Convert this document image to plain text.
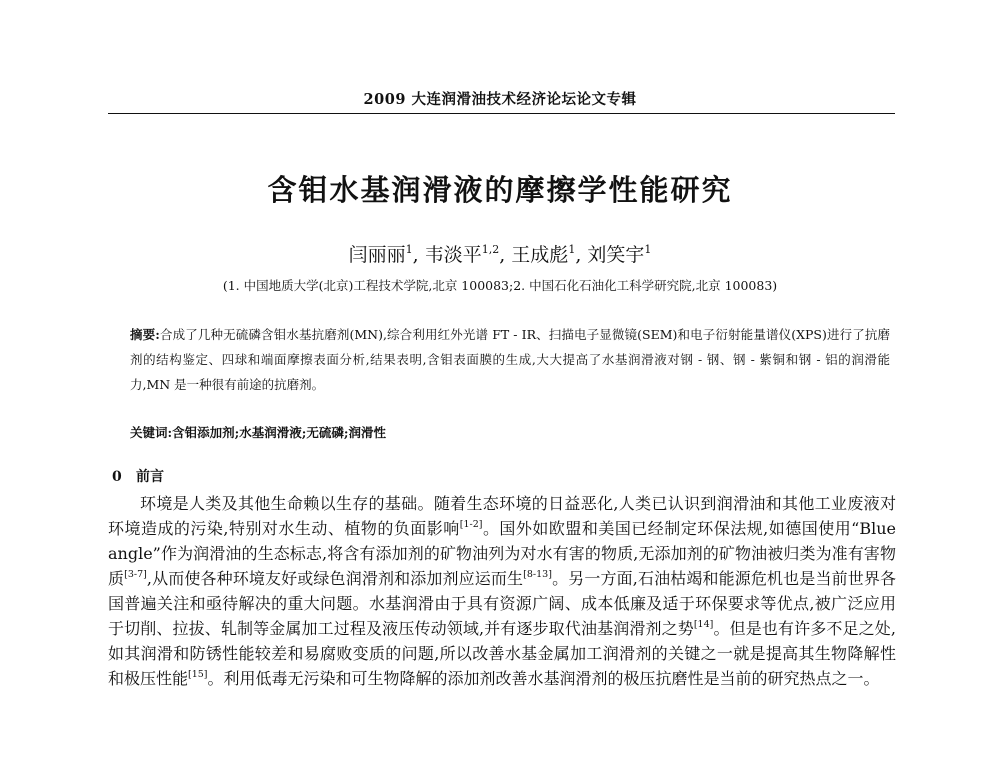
2009 大连润滑油技术经济论坛论文专辑
含钼水基润滑液的摩擦学性能研究
闫丽丽$^1$, 韦淡平$^{1,2}$, 王成彪$^1$, 刘笑宇$^1$
(1. 中国地质大学(北京)工程技术学院,北京 100083;2. 中国石化石油化工科学研究院,北京 100083)
摘要:合成了几种无硫磷含钼水基抗磨剂(MN),综合利用红外光谱 FT - IR、扫描电子显微镜(SEM)和电子衍射能量谱仪(XPS)进行了抗磨剂的结构鉴定、四球和端面摩擦表面分析,结果表明,含钼表面膜的生成,大大提高了水基润滑液对钢 - 钢、钢 - 紫铜和钢 - 铝的润滑能力,MN 是一种很有前途的抗磨剂。
关键词:含钼添加剂;水基润滑液;无硫磷;润滑性
0 前言
环境是人类及其他生命赖以生存的基础。随着生态环境的日益恶化,人类已认识到润滑油和其他工业废液对环境造成的污染,特别对水生动、植物的负面影响[1-2]。国外如欧盟和美国已经制定环保法规,如德国使用“Blue angle”作为润滑油的生态标志,将含有添加剂的矿物油列为对水有害的物质,无添加剂的矿物油被归类为准有害物质[3-7],从而使各种环境友好或绿色润滑剂和添加剂应运而生[8-13]。另一方面,石油枯竭和能源危机也是当前世界各国普遍关注和亟待解决的重大问题。水基润滑由于具有资源广阔、成本低廉及适于环保要求等优点,被广泛应用于切削、拉拔、轧制等金属加工过程及液压传动领域,并有逐步取代油基润滑剂之势[14]。但是也有许多不足之处,如其润滑和防锈性能较差和易腐败变质的问题,所以改善水基金属加工润滑剂的关键之一就是提高其生物降解性和极压性能[15]。利用低毒无污染和可生物降解的添加剂改善水基润滑剂的极压抗磨性是当前的研究热点之一。
